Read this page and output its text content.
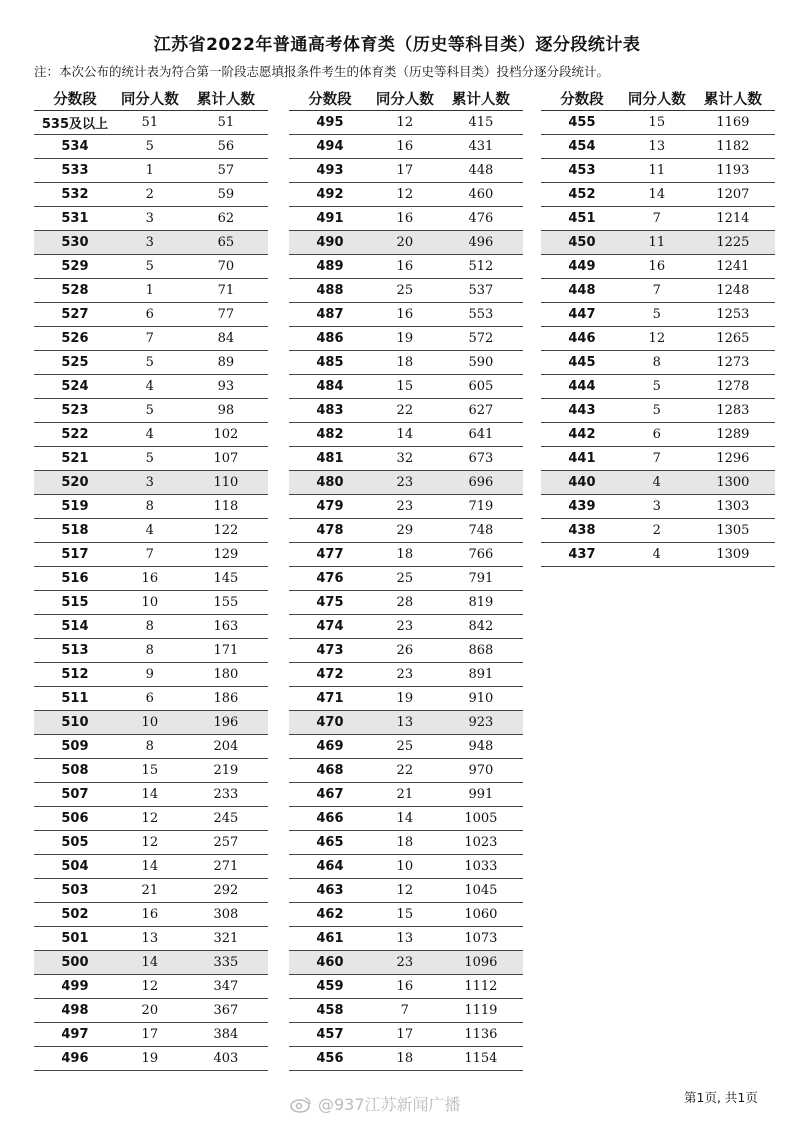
江苏省2022年普通高考体育类（历史等科目类）逐分段统计表
注：本次公布的统计表为符合第一阶段志愿填报条件考生的体育类（历史等科目类）投档分逐分段统计。
分数段	同分人数	累计人数
535及以上	51	51
534	5	56
533	1	57
532	2	59
531	3	62
530	3	65
529	5	70
528	1	71
527	6	77
526	7	84
525	5	89
524	4	93
523	5	98
522	4	102
521	5	107
520	3	110
519	8	118
518	4	122
517	7	129
516	16	145
515	10	155
514	8	163
513	8	171
512	9	180
511	6	186
510	10	196
509	8	204
508	15	219
507	14	233
506	12	245
505	12	257
504	14	271
503	21	292
502	16	308
501	13	321
500	14	335
499	12	347
498	20	367
497	17	384
496	19	403
分数段	同分人数	累计人数
495	12	415
494	16	431
493	17	448
492	12	460
491	16	476
490	20	496
489	16	512
488	25	537
487	16	553
486	19	572
485	18	590
484	15	605
483	22	627
482	14	641
481	32	673
480	23	696
479	23	719
478	29	748
477	18	766
476	25	791
475	28	819
474	23	842
473	26	868
472	23	891
471	19	910
470	13	923
469	25	948
468	22	970
467	21	991
466	14	1005
465	18	1023
464	10	1033
463	12	1045
462	15	1060
461	13	1073
460	23	1096
459	16	1112
458	7	1119
457	17	1136
456	18	1154
分数段	同分人数	累计人数
455	15	1169
454	13	1182
453	11	1193
452	14	1207
451	7	1214
450	11	1225
449	16	1241
448	7	1248
447	5	1253
446	12	1265
445	8	1273
444	5	1278
443	5	1283
442	6	1289
441	7	1296
440	4	1300
439	3	1303
438	2	1305
437	4	1309
@937江苏新闻广播	第1页, 共1页
